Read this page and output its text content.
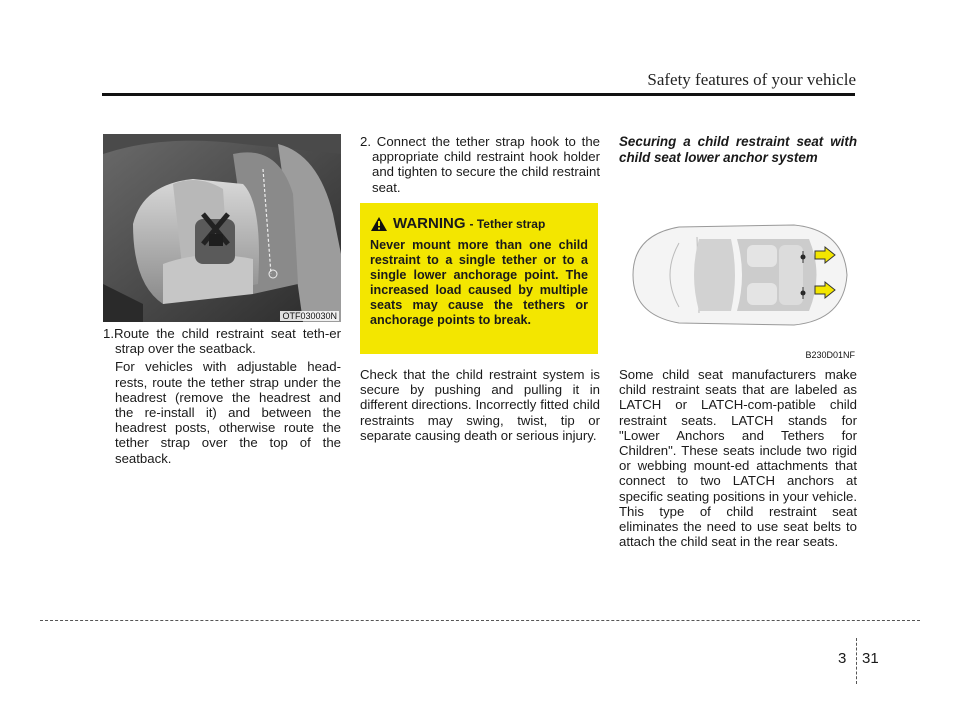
Safety features of your vehicle
OTF030030N

1.Route the child restraint seat teth-er strap over the seatback.

For vehicles with adjustable head-rests, route the tether strap under the headrest (remove the headrest and the re-install it) and between the headrest posts, otherwise route the tether strap over the top of the seatback.

2. Connect the tether strap hook to the appropriate child restraint hook holder and tighten to secure the child restraint seat.

WARNING - Tether strap

Never mount more than one child restraint to a single tether or to a single lower anchorage point. The increased load caused by multiple seats may cause the tethers or anchorage points to break.

Check that the child restraint system is secure by pushing and pulling it in different directions. Incorrectly fitted child restraints may swing, twist, tip or separate causing death or serious injury.

Securing a child restraint seat with child seat lower anchor system

B230D01NF

Some child seat manufacturers make child restraint seats that are labeled as LATCH or LATCH-com-patible child restraint seats. LATCH stands for "Lower Anchors and Tethers for Children". These seats include two rigid or webbing mount-ed attachments that connect to two LATCH anchors at specific seating positions in your vehicle. This type of child restraint seat eliminates the need to use seat belts to attach the child seat in the rear seats.

3 31
